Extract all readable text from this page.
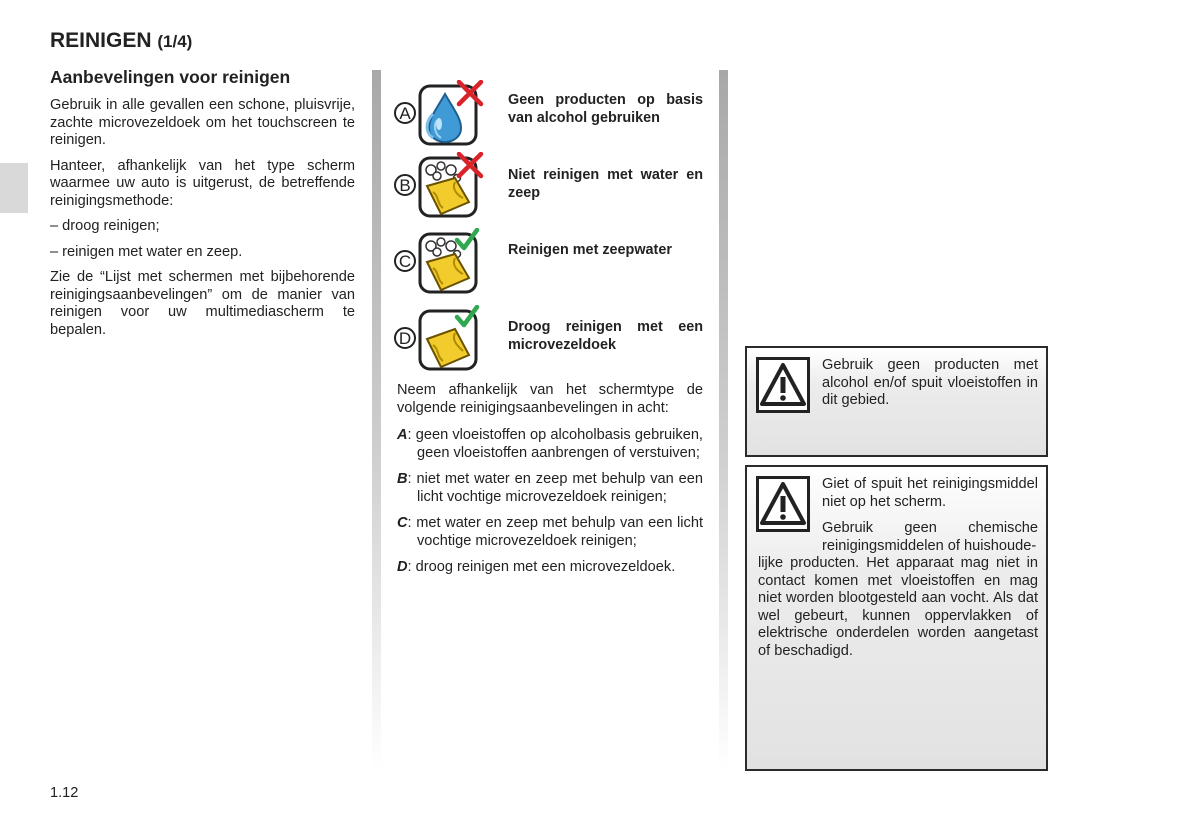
REINIGEN (1/4)
Aanbevelingen voor reinigen

Gebruik in alle gevallen een schone, pluisvrije, zachte microvezeldoek om het touchscreen te reinigen.

Hanteer, afhankelijk van het type scherm waarmee uw auto is uitgerust, de betreffende reinigingsmethode:

– droog reinigen;
– reinigen met water en zeep.

Zie de “Lijst met schermen met bijbehorende reinigingsaanbevelingen” om de manier van reinigen voor uw multimediascherm te bepalen.

A
Geen producten op basis van alcohol gebruiken
B
Niet reinigen met water en zeep
C
Reinigen met zeepwater
D
Droog reinigen met een microvezeldoek

Neem afhankelijk van het schermtype de volgende reinigingsaanbevelingen in acht:

A: geen vloeistoffen op alcoholbasis gebruiken, geen vloeistoffen aanbrengen of verstuiven;
B: niet met water en zeep met behulp van een licht vochtige microvezeldoek reinigen;
C: met water en zeep met behulp van een licht vochtige microvezeldoek reinigen;
D: droog reinigen met een microvezeldoek.
Gebruik geen producten met alcohol en/of spuit vloeistoffen in dit gebied.
Giet of spuit het reinigingsmiddel niet op het scherm.
Gebruik geen chemische reinigingsmiddelen of huishoude-
lijke producten. Het apparaat mag niet in contact komen met vloeistoffen en mag niet worden blootgesteld aan vocht. Als dat wel gebeurt, kunnen oppervlakken of elektrische onderdelen worden aangetast of beschadigd.
1.12
